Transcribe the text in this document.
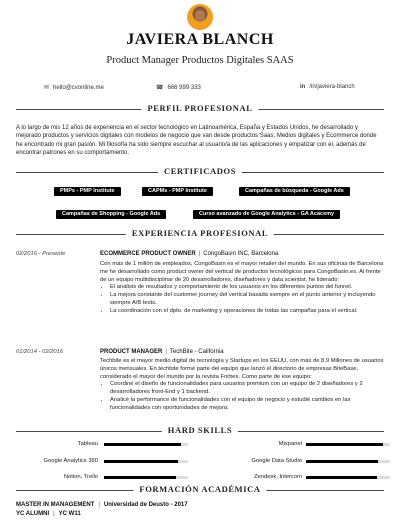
JAVIERA BLANCH
Product Manager Productos Digitales SAAS
✉ hello@cvonline.me	☎ 666 999 333	in /in/javiera-blanch
PERFIL PROFESIONAL
A lo largo de mis 12 años de experiencia en el sector tecnológico en Latinoamérica, España y Estados Unidos, he desarrollado y mejorado productos y servicios digitales con modelos de negocio que van desde productos Saas, Medios digitales y Ecommerce donde he encontrado mi gran pasión. Mi filosofía ha sido siempre escuchar al usuario/a de las aplicaciones y empatizar con el, además de encontrar patrones en su comportamiento.
CERTIFICADOS
PMPs - PMP Institute	CAPMs - PMP Institute	Campañas de búsqueda - Google Ads
Campañas de Shopping - Google Ads	Curso avanzado de Google Analytics - GA Acacemy
EXPERIENCIA PROFESIONAL
02/2016 - Presente	ECOMMERCE PRODUCT OWNER | CongoBasin INC, Barcelona
Con más de 1 millón de empleados, CongoBasin es el mayor retailer del mundo. En sus oficinas de Barcelona me he desarrollado como product owner del vertical de productos tecnológicos para CongoBasin.es. Al frente de un equipo multidisciplinar de 20 desarrolladores, diseñadores y data scientist, he liderado:
• El análisis de resultados y comportamiento de los usuarios en los diferentes puntos del funnel.
• La mejora constante del customer journey del vertical basada siempre en el punto anterior y incluyendo siempre A/B tests.
• La coordinación con el dpto. de marketing y operaciones de todas las campañas para el vertical.
01/2014 - 02/2016	PRODUCT MANAGER | TechBite - California
Techbite es el mayor medio digital de tecnología y Startups en los EEUU, con más de 8.9 Millones de usuarios únicos mensuales. En techbite formé parte del equipo que lanzó el directorio de empresas BiteBase, considerado el mayor del mundo por la revista Forbes. Como parte de ese equipo:
• Coordiné el diseño de funcionalidades para usuarios premium con un equipo de 2 diseñadores y 2 desarrolladores front-End y 1 backend.
• Analicé la performance de funcionalidades con el equipo de negocio y estudié cambios en las funcionalidades con oportunidades de mejora.
HARD SKILLS
Tableau	Mixpanel
Google Analytics 360	Google Data Studio
Notion, Trello	Zendesk, Intercom
FORMACIÓN ACADÉMICA
MASTER IN MANAGEMENT | Universidad de Deusto - 2017
YC ALUMNI | YC W11
